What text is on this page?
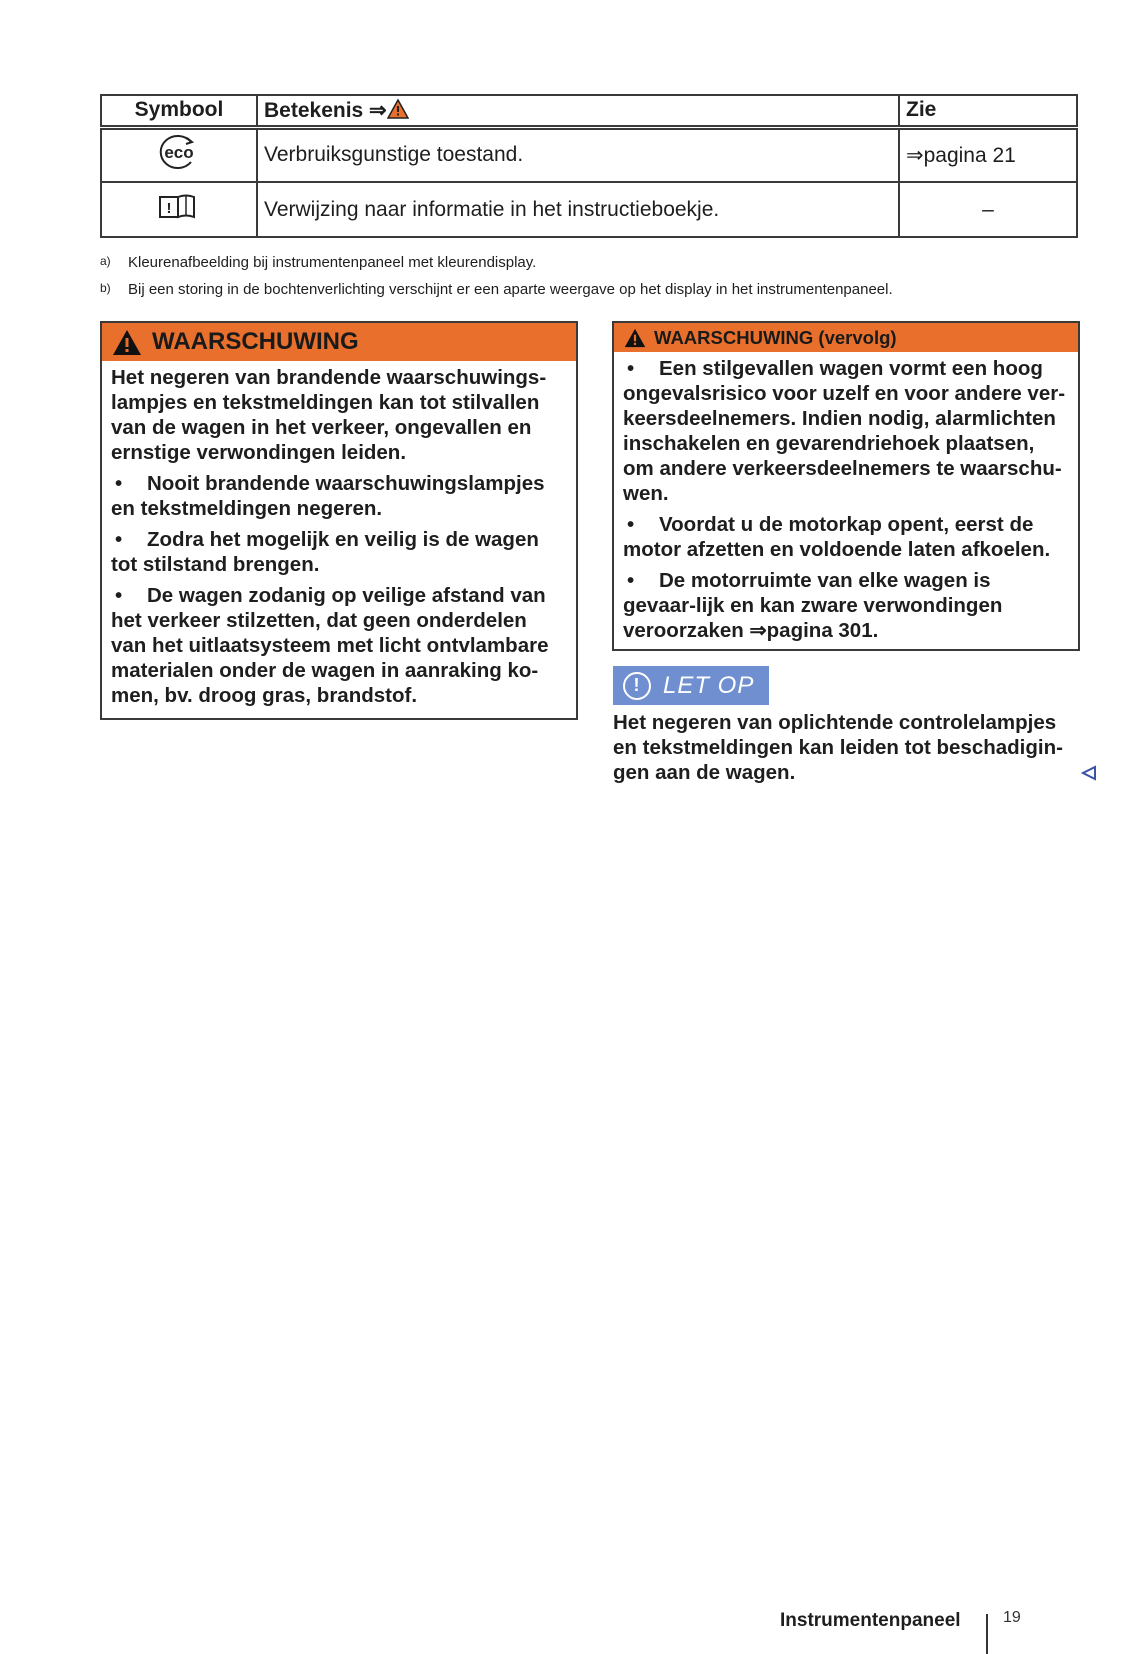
Symbool	Betekenis ⇒	Zie

eco	Verbruiksgunstige toestand.	⇒pagina 21

!	Verwijzing naar informatie in het instructieboekje.	–
a)	Kleurenafbeelding bij instrumentenpaneel met kleurendisplay.
b)	Bij een storing in de bochtenverlichting verschijnt er een aparte weergave op het display in het instrumentenpaneel.
WAARSCHUWING

Het negeren van brandende waarschuwings-lampjes en tekstmeldingen kan tot stilvallen van de wagen in het verkeer, ongevallen en ernstige verwondingen leiden.

• Nooit brandende waarschuwingslampjes en tekstmeldingen negeren.

• Zodra het mogelijk en veilig is de wagen tot stilstand brengen.

• De wagen zodanig op veilige afstand van het verkeer stilzetten, dat geen onderdelen van het uitlaatsysteem met licht ontvlambare materialen onder de wagen in aanraking ko-men, bv. droog gras, brandstof.

WAARSCHUWING (vervolg)

• Een stilgevallen wagen vormt een hoog ongevalsrisico voor uzelf en voor andere ver-keersdeelnemers. Indien nodig, alarmlichten inschakelen en gevarendriehoek plaatsen, om andere verkeersdeelnemers te waarschu-wen.

• Voordat u de motorkap opent, eerst de motor afzetten en voldoende laten afkoelen.

• De motorruimte van elke wagen is gevaar-lijk en kan zware verwondingen veroorzaken ⇒pagina 301.

! LET OP
Het negeren van oplichtende controlelampjes en tekstmeldingen kan leiden tot beschadigin-gen aan de wagen.
Instrumentenpaneel	19
